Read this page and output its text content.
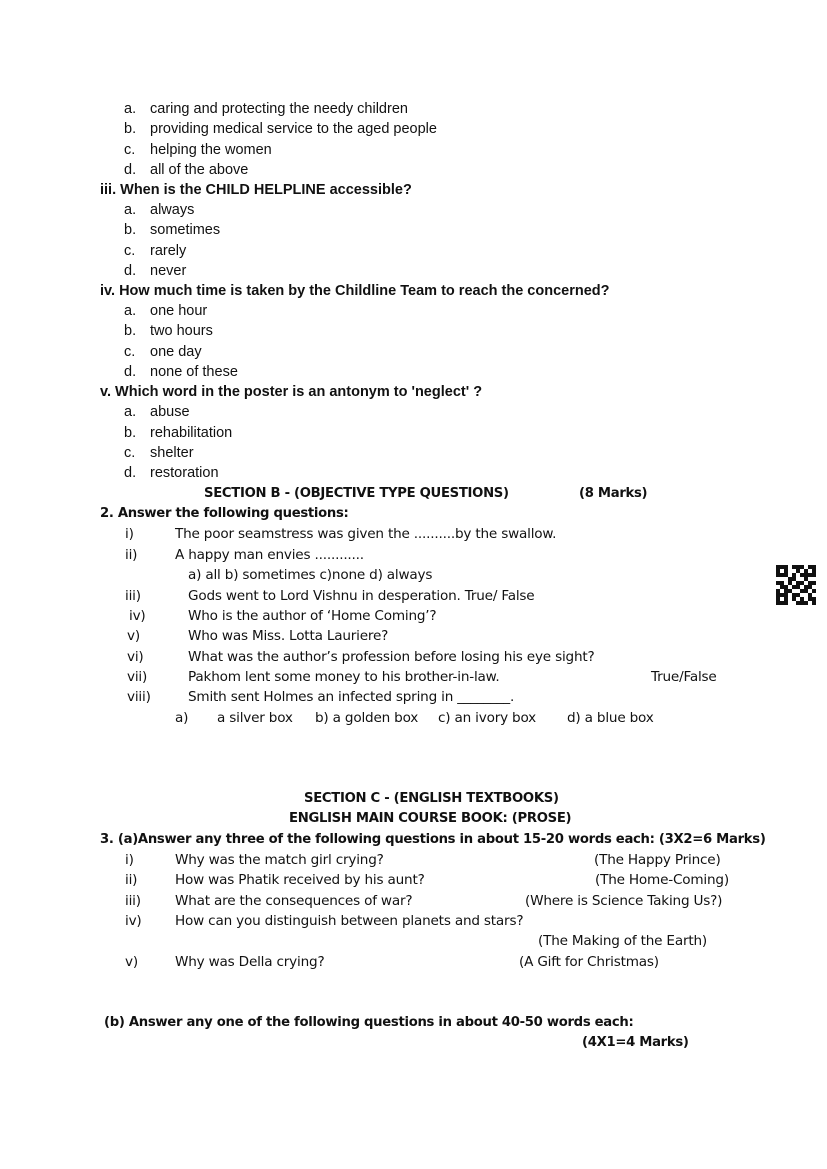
a. caring and protecting the needy children
b. providing medical service to the aged people
c. helping the women
d. all of the above
iii. When is the CHILD HELPLINE accessible?
a. always
b. sometimes
c. rarely
d. never
iv. How much time is taken by the Childline Team to reach the concerned?
a. one hour
b. two hours
c. one day
d. none of these
v. Which word in the poster is an antonym to 'neglect' ?
a. abuse
b. rehabilitation
c. shelter
d. restoration
SECTION B - (OBJECTIVE TYPE QUESTIONS)	(8 Marks)
2. Answer the following questions:
i)	The poor seamstress was given the ..........by the swallow.
ii)	A happy man envies ............
a) all b) sometimes c)none d) always
iii)	Gods went to Lord Vishnu in desperation. True/ False
iv)	Who is the author of ‘Home Coming’?
v)	Who was Miss. Lotta Lauriere?
vi)	What was the author’s profession before losing his eye sight?
vii)	Pakhom lent some money to his brother-in-law.	True/False
viii)	Smith sent Holmes an infected spring in ________.
a) a silver box b) a golden box c) an ivory box d) a blue box
SECTION C - (ENGLISH TEXTBOOKS)
ENGLISH MAIN COURSE BOOK: (PROSE)
3. (a)Answer any three of the following questions in about 15-20 words each: (3X2=6 Marks)
i)	Why was the match girl crying?	(The Happy Prince)
ii)	How was Phatik received by his aunt?	(The Home-Coming)
iii)	What are the consequences of war?	(Where is Science Taking Us?)
iv) How can you distinguish between planets and stars?
(The Making of the Earth)
v)	Why was Della crying?	(A Gift for Christmas)
(b) Answer any one of the following questions in about 40-50 words each:
(4X1=4 Marks)
